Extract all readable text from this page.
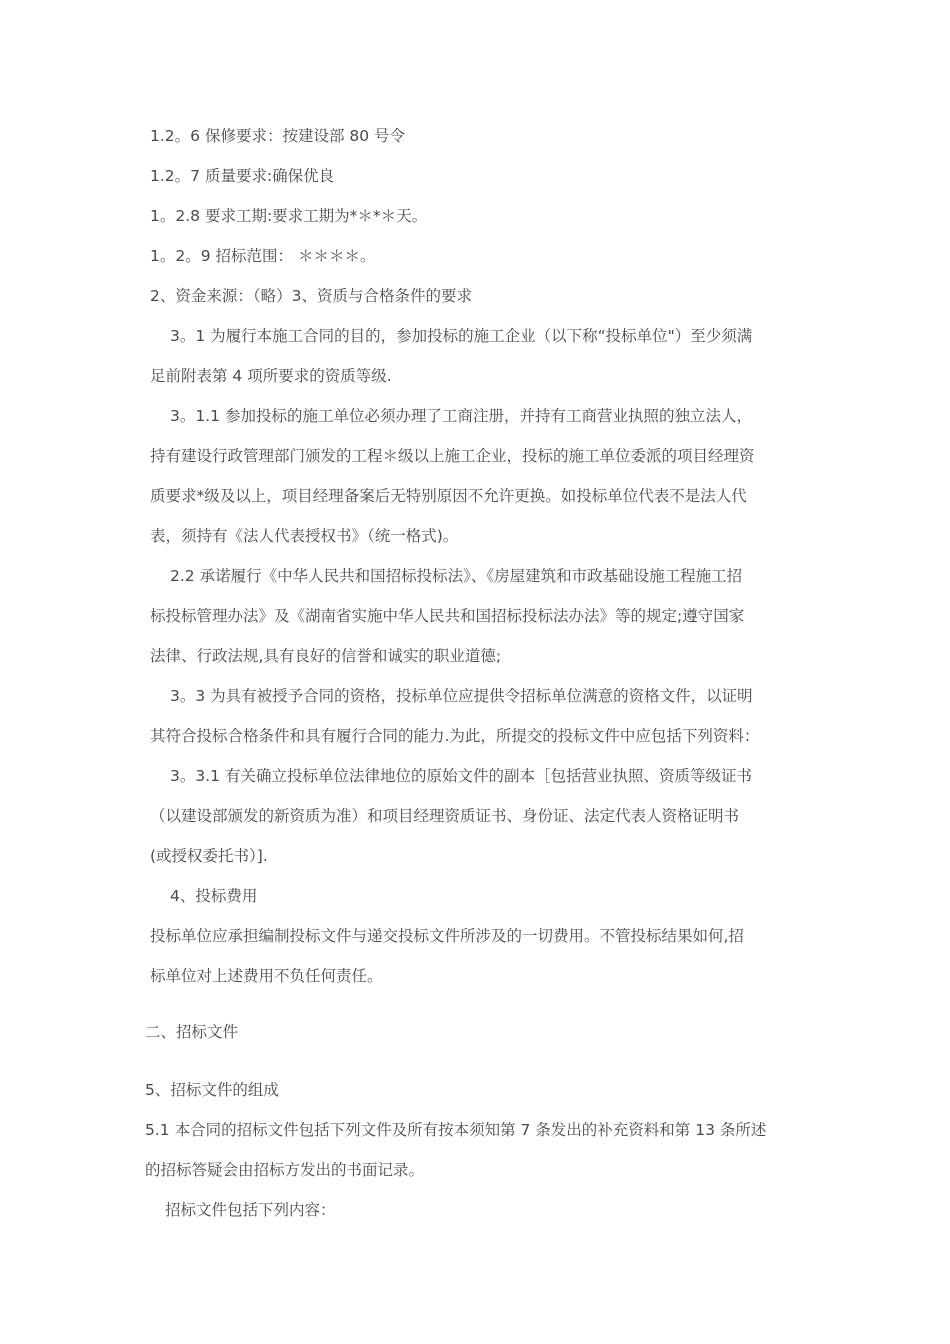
1.2。6 保修要求：按建设部 80 号令
1.2。7 质量要求:确保优良
1。2.8 要求工期:要求工期为*＊*＊天。
1。2。9 招标范围： ＊＊＊＊。
2、资金来源：（略）3、资质与合格条件的要求
3。1 为履行本施工合同的目的，参加投标的施工企业（以下称“投标单位"）至少须满
足前附表第 4 项所要求的资质等级.
3。1.1 参加投标的施工单位必须办理了工商注册，并持有工商营业执照的独立法人，
持有建设行政管理部门颁发的工程＊级以上施工企业，投标的施工单位委派的项目经理资
质要求*级及以上，项目经理备案后无特别原因不允许更换。如投标单位代表不是法人代
表，须持有《法人代表授权书》（统一格式)。
2.2 承诺履行《中华人民共和国招标投标法》、《房屋建筑和市政基础设施工程施工招
标投标管理办法》及《湖南省实施中华人民共和国招标投标法办法》等的规定;遵守国家
法律、行政法规,具有良好的信誉和诚实的职业道德;
3。3 为具有被授予合同的资格，投标单位应提供令招标单位满意的资格文件，以证明
其符合投标合格条件和具有履行合同的能力.为此，所提交的投标文件中应包括下列资料：
3。3.1 有关确立投标单位法律地位的原始文件的副本［包括营业执照、资质等级证书
（以建设部颁发的新资质为准）和项目经理资质证书、身份证、法定代表人资格证明书
(或授权委托书）].
4、投标费用
投标单位应承担编制投标文件与递交投标文件所涉及的一切费用。不管投标结果如何,招
标单位对上述费用不负任何责任。
二、招标文件
5、招标文件的组成
5.1 本合同的招标文件包括下列文件及所有按本须知第 7 条发出的补充资料和第 13 条所述
的招标答疑会由招标方发出的书面记录。
招标文件包括下列内容：
